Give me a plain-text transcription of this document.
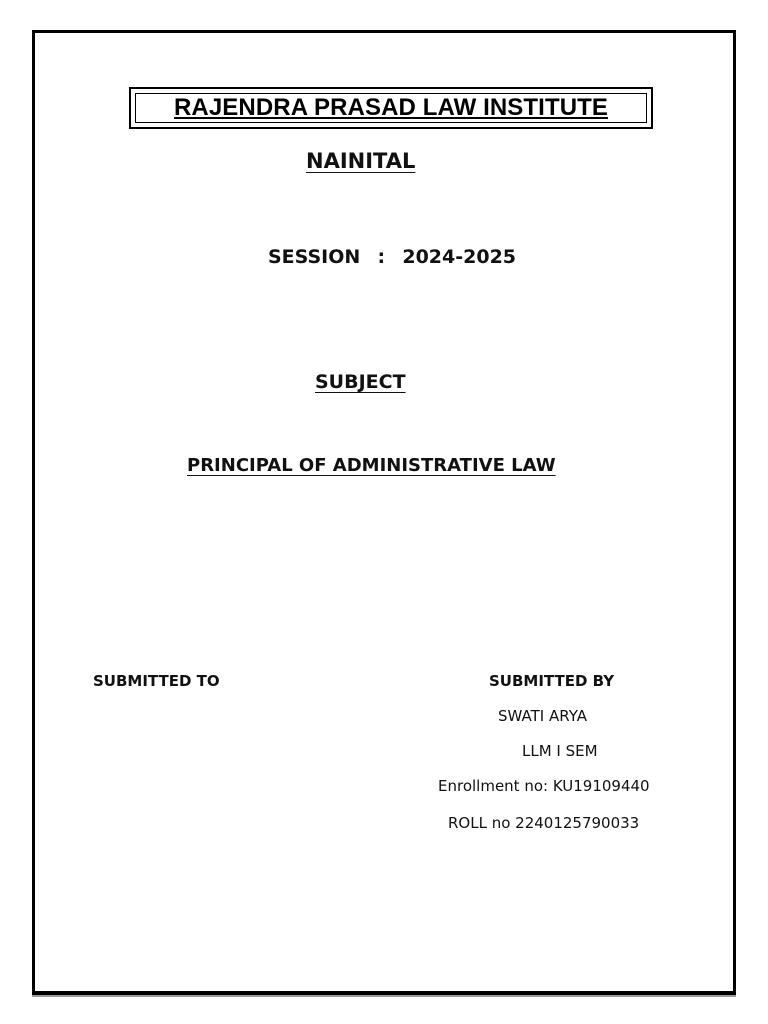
RAJENDRA PRASAD LAW INSTITUTE
NAINITAL
SESSION  :  2024-2025
SUBJECT
PRINCIPAL OF ADMINISTRATIVE LAW
SUBMITTED TO	SUBMITTED BY
SWATI ARYA
LLM I SEM
Enrollment no: KU19109440
ROLL no 2240125790033
